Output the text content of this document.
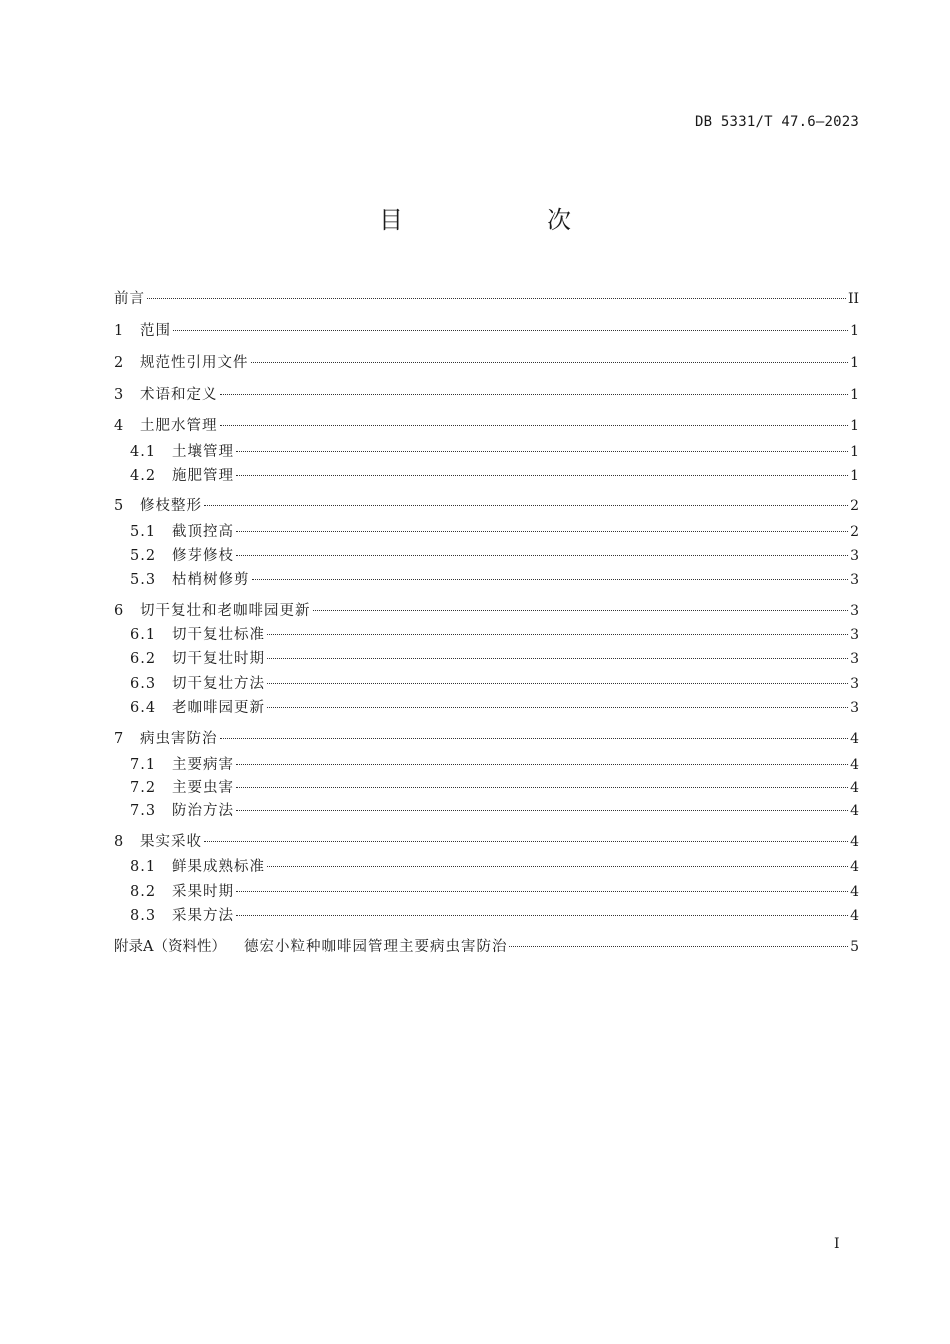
DB 5331/T 47.6—2023
目　次
前言	II
1	范围	1
2	规范性引用文件	1
3	术语和定义	1
4	土肥水管理	1
4.1	土壤管理	1
4.2	施肥管理	1
5	修枝整形	2
5.1	截顶控高	2
5.2	修芽修枝	3
5.3	枯梢树修剪	3
6	切干复壮和老咖啡园更新	3
6.1	切干复壮标准	3
6.2	切干复壮时期	3
6.3	切干复壮方法	3
6.4	老咖啡园更新	3
7	病虫害防治	4
7.1	主要病害	4
7.2	主要虫害	4
7.3	防治方法	4
8	果实采收	4
8.1	鲜果成熟标准	4
8.2	采果时期	4
8.3	采果方法	4
附录A（资料性） 德宏小粒种咖啡园管理主要病虫害防治	5
I
